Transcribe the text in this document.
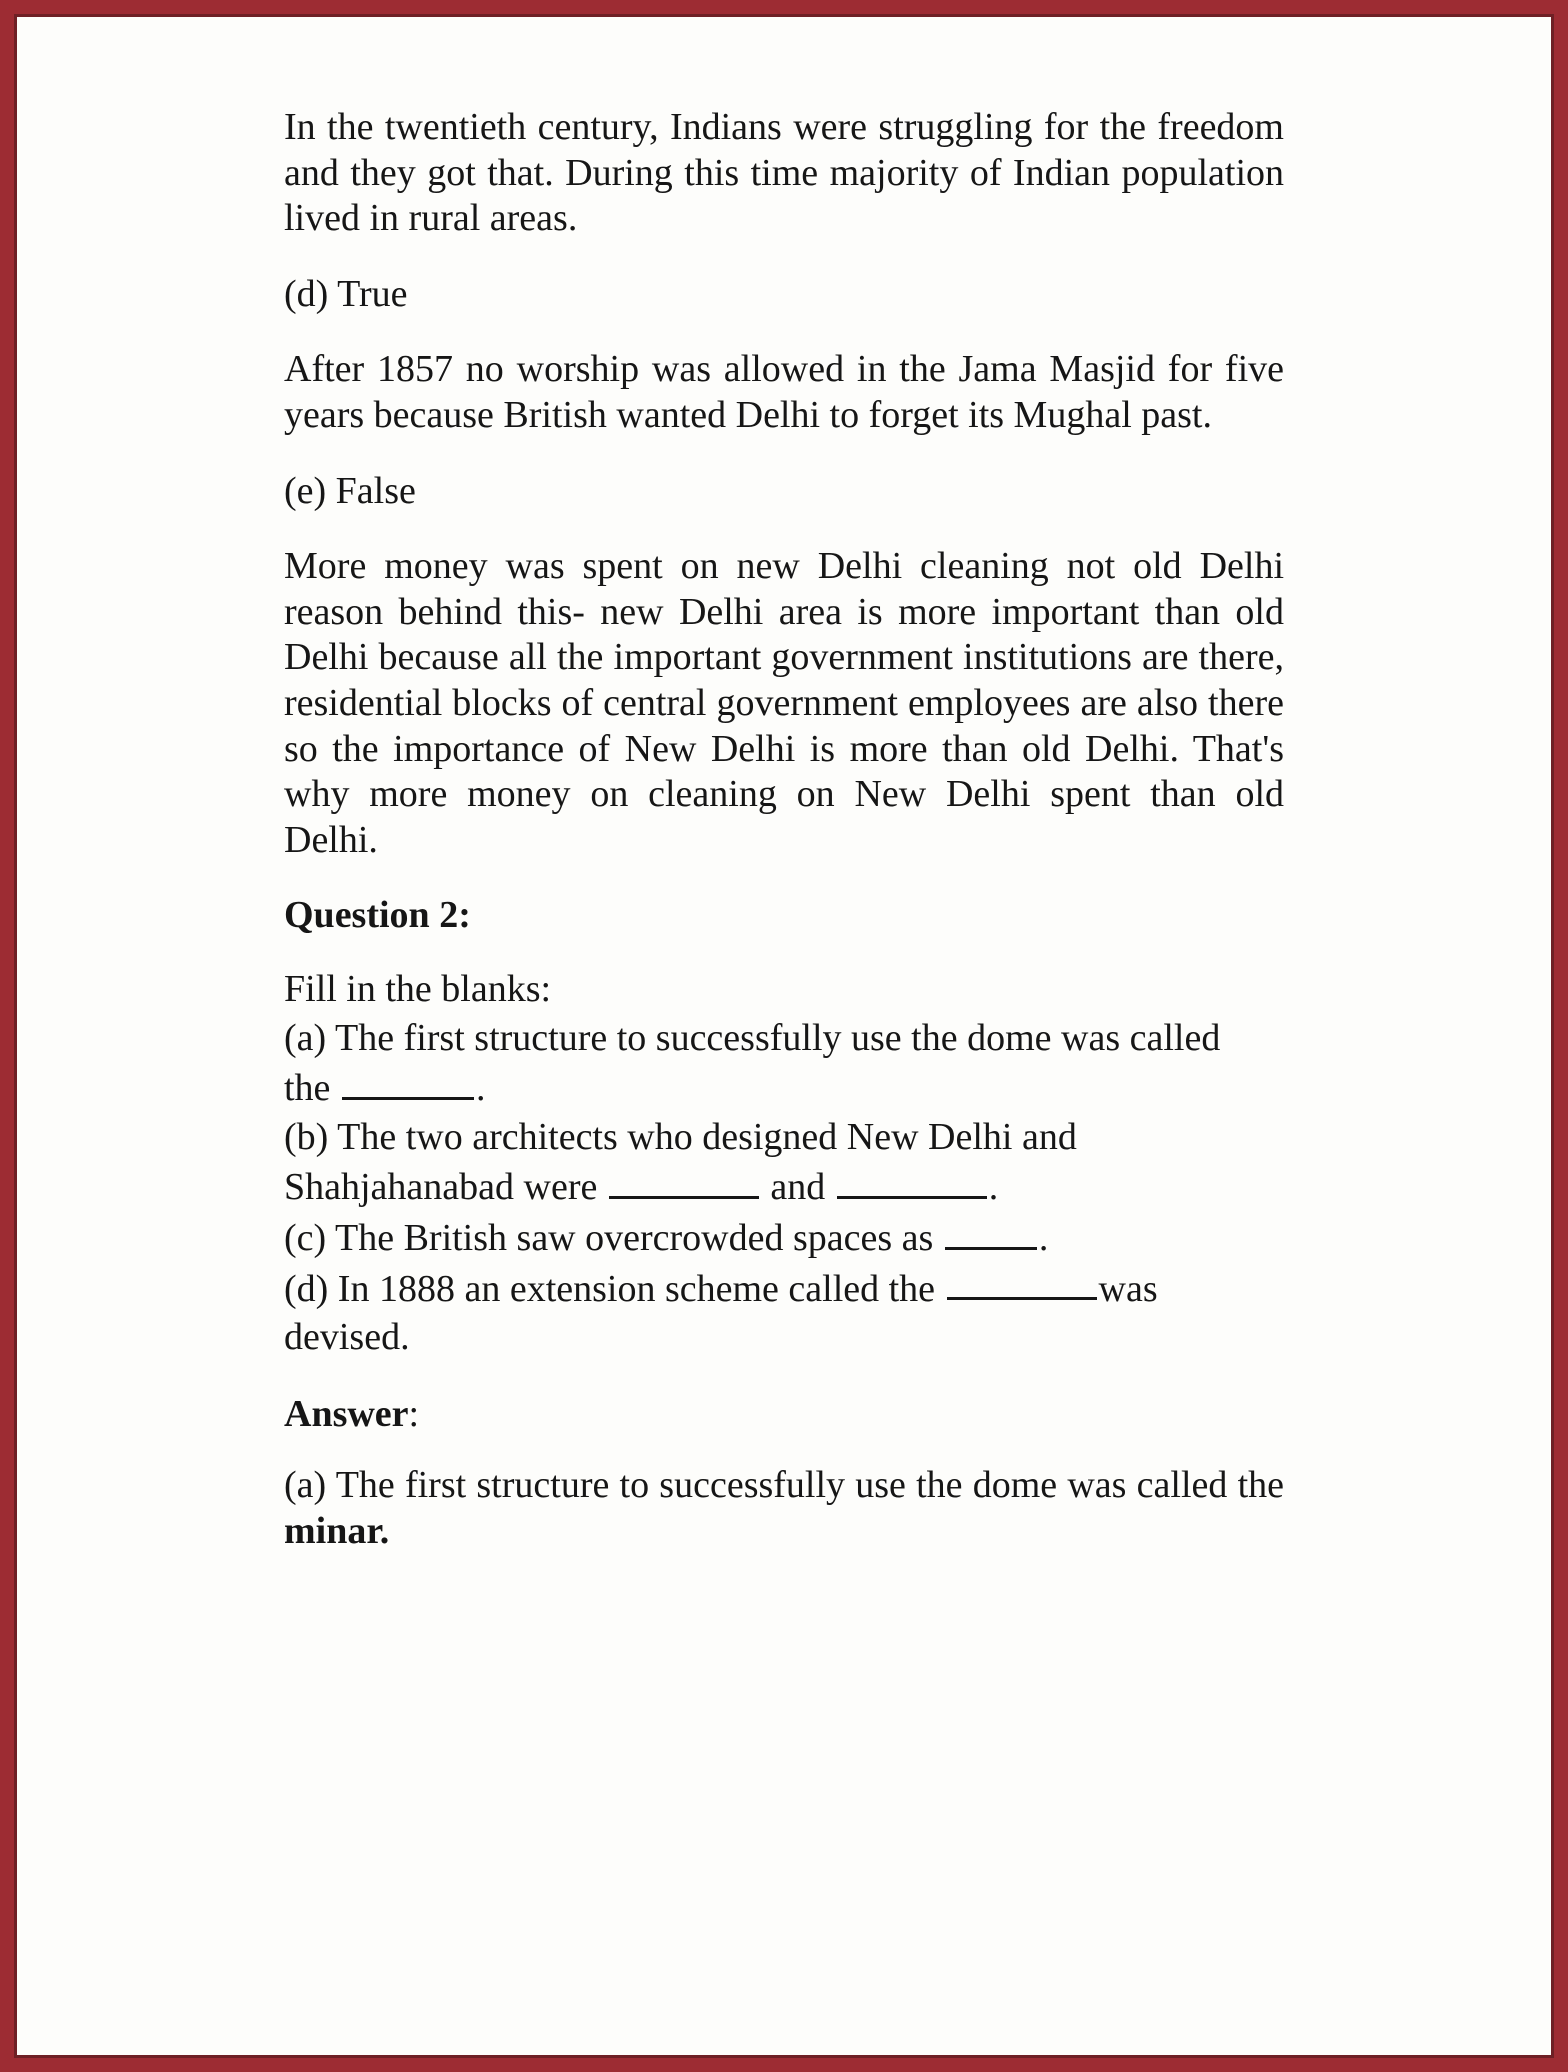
In the twentieth century, Indians were struggling for the freedom and they got that. During this time majority of Indian population lived in rural areas.

(d) True

After 1857 no worship was allowed in the Jama Masjid for five years because British wanted Delhi to forget its Mughal past.

(e) False

More money was spent on new Delhi cleaning not old Delhi reason behind this- new Delhi area is more important than old Delhi because all the important government institutions are there, residential blocks of central government employees are also there so the importance of New Delhi is more than old Delhi. That's why more money on cleaning on New Delhi spent than old Delhi.

Question 2:

Fill in the blanks:
(a) The first structure to successfully use the dome was called
the	.
(b) The two architects who designed New Delhi and
Shahjahanabad were	and	.
(c) The British saw overcrowded spaces as	.
(d) In 1888 an extension scheme called the	was
devised.

Answer:

(a) The first structure to successfully use the dome was called the minar.
